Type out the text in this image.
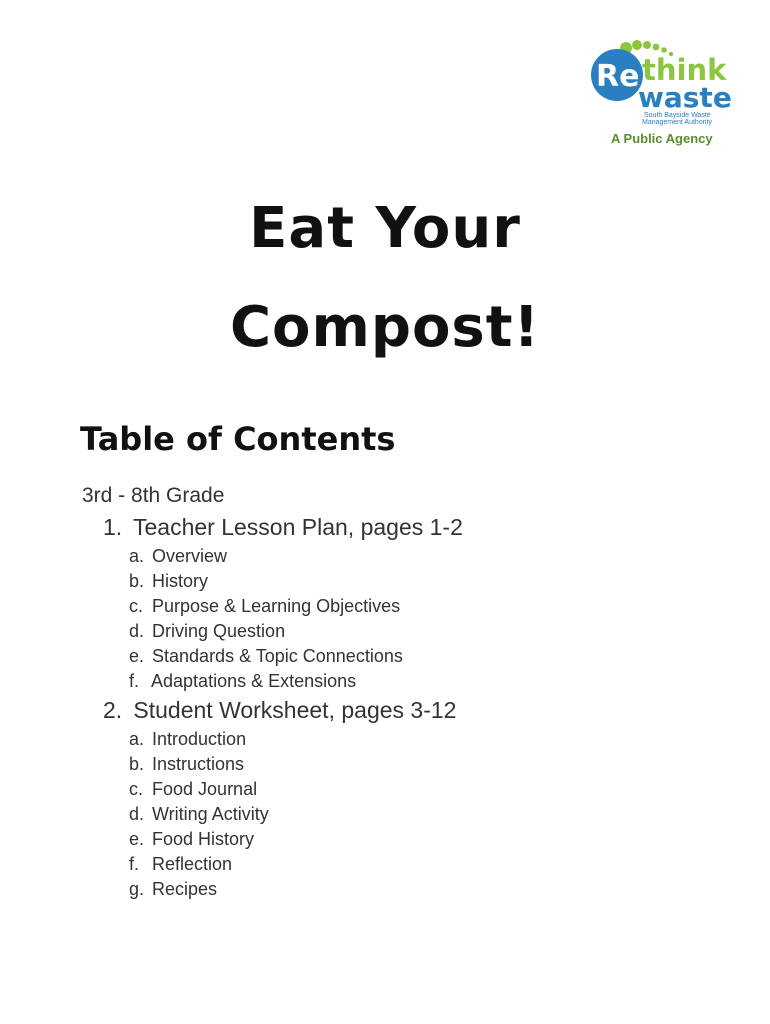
Re think
waste
South Bayside Waste
Management Authority
A Public Agency
Eat Your
Compost!
Table of Contents
3rd - 8th Grade
1. Teacher Lesson Plan, pages 1-2
a. Overview
b. History
c. Purpose & Learning Objectives
d. Driving Question
e. Standards & Topic Connections
f. Adaptations & Extensions
2. Student Worksheet, pages 3-12
a. Introduction
b. Instructions
c. Food Journal
d. Writing Activity
e. Food History
f. Reflection
g. Recipes
